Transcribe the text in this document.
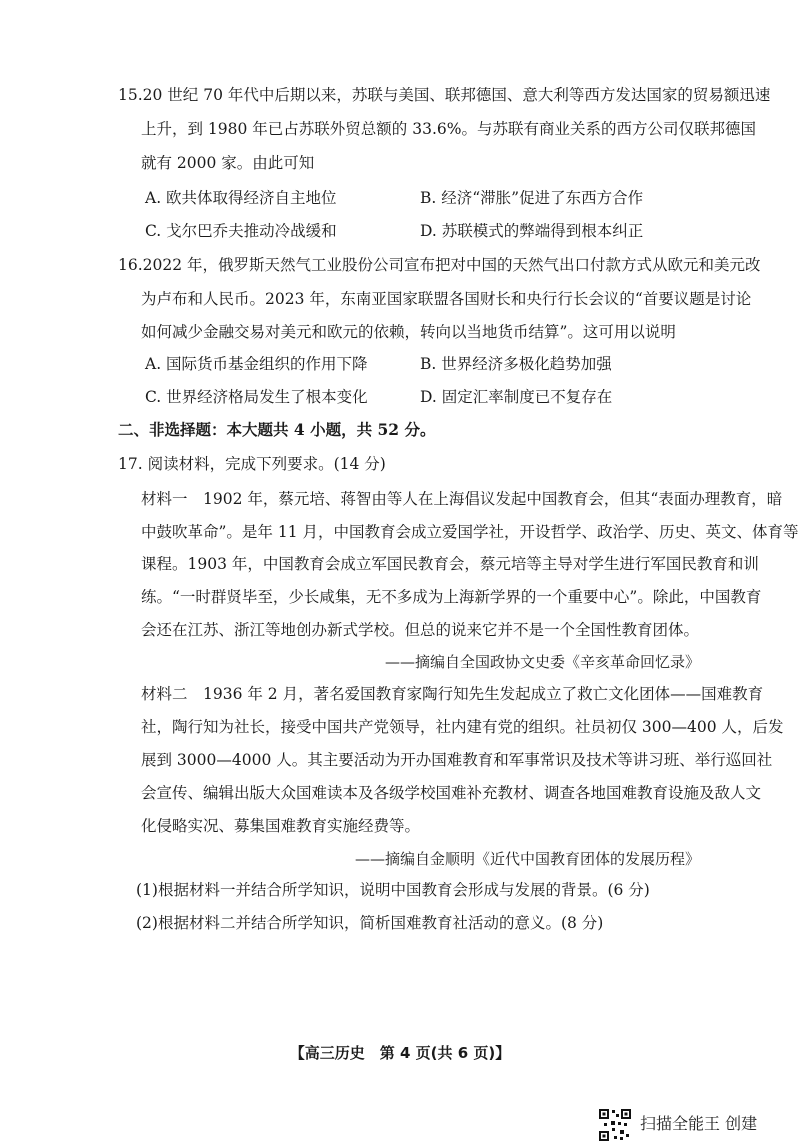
15.20 世纪 70 年代中后期以来，苏联与美国、联邦德国、意大利等西方发达国家的贸易额迅速
上升，到 1980 年已占苏联外贸总额的 33.6%。与苏联有商业关系的西方公司仅联邦德国
就有 2000 家。由此可知
A. 欧共体取得经济自主地位	B. 经济“滞胀”促进了东西方合作
C. 戈尔巴乔夫推动冷战缓和	D. 苏联模式的弊端得到根本纠正
16.2022 年，俄罗斯天然气工业股份公司宣布把对中国的天然气出口付款方式从欧元和美元改
为卢布和人民币。2023 年，东南亚国家联盟各国财长和央行行长会议的“首要议题是讨论
如何减少金融交易对美元和欧元的依赖，转向以当地货币结算”。这可用以说明
A. 国际货币基金组织的作用下降	B. 世界经济多极化趋势加强
C. 世界经济格局发生了根本变化	D. 固定汇率制度已不复存在
二、非选择题：本大题共 4 小题，共 52 分。
17. 阅读材料，完成下列要求。(14 分)
材料一　1902 年，蔡元培、蒋智由等人在上海倡议发起中国教育会，但其“表面办理教育，暗
中鼓吹革命”。是年 11 月，中国教育会成立爱国学社，开设哲学、政治学、历史、英文、体育等
课程。1903 年，中国教育会成立军国民教育会，蔡元培等主导对学生进行军国民教育和训
练。“一时群贤毕至，少长咸集，无不多成为上海新学界的一个重要中心”。除此，中国教育
会还在江苏、浙江等地创办新式学校。但总的说来它并不是一个全国性教育团体。
——摘编自全国政协文史委《辛亥革命回忆录》
材料二　1936 年 2 月，著名爱国教育家陶行知先生发起成立了救亡文化团体——国难教育
社，陶行知为社长，接受中国共产党领导，社内建有党的组织。社员初仅 300—400 人，后发
展到 3000—4000 人。其主要活动为开办国难教育和军事常识及技术等讲习班、举行巡回社
会宣传、编辑出版大众国难读本及各级学校国难补充教材、调查各地国难教育设施及敌人文
化侵略实况、募集国难教育实施经费等。
——摘编自金顺明《近代中国教育团体的发展历程》
(1)根据材料一并结合所学知识，说明中国教育会形成与发展的背景。(6 分)
(2)根据材料二并结合所学知识，简析国难教育社活动的意义。(8 分)
【高三历史　第 4 页(共 6 页)】
扫描全能王 创建
